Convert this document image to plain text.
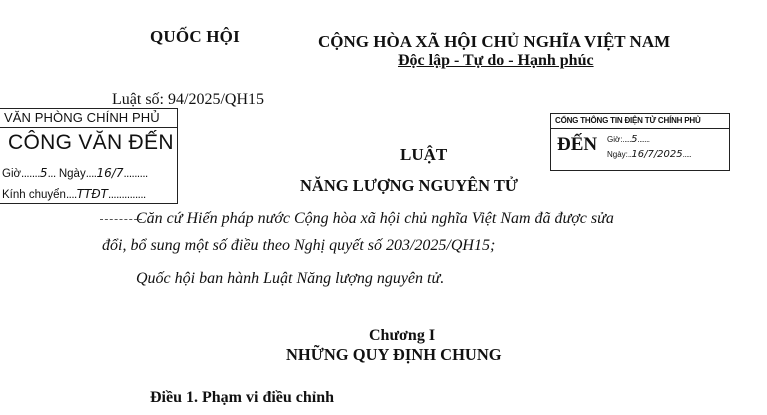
QUỐC HỘI	CỘNG HÒA XÃ HỘI CHỦ NGHĨA VIỆT NAM
Độc lập - Tự do - Hạnh phúc
Luật số: 94/2025/QH15
VĂN PHÒNG CHÍNH PHỦ
CÔNG VĂN ĐẾN
Giờ.......5... Ngày....16/7.........
Kính chuyển....TTĐT..............
CỔNG THÔNG TIN ĐIỆN TỬ CHÍNH PHỦ
ĐẾN Giờ:.....5.......
Ngày:..16/7/2025.....
LUẬT
NĂNG LƯỢNG NGUYÊN TỬ
Căn cứ Hiến pháp nước Cộng hòa xã hội chủ nghĩa Việt Nam đã được sửa
đổi, bổ sung một số điều theo Nghị quyết số 203/2025/QH15;
Quốc hội ban hành Luật Năng lượng nguyên tử.
Chương I
NHỮNG QUY ĐỊNH CHUNG
Điều 1. Phạm vi điều chỉnh
